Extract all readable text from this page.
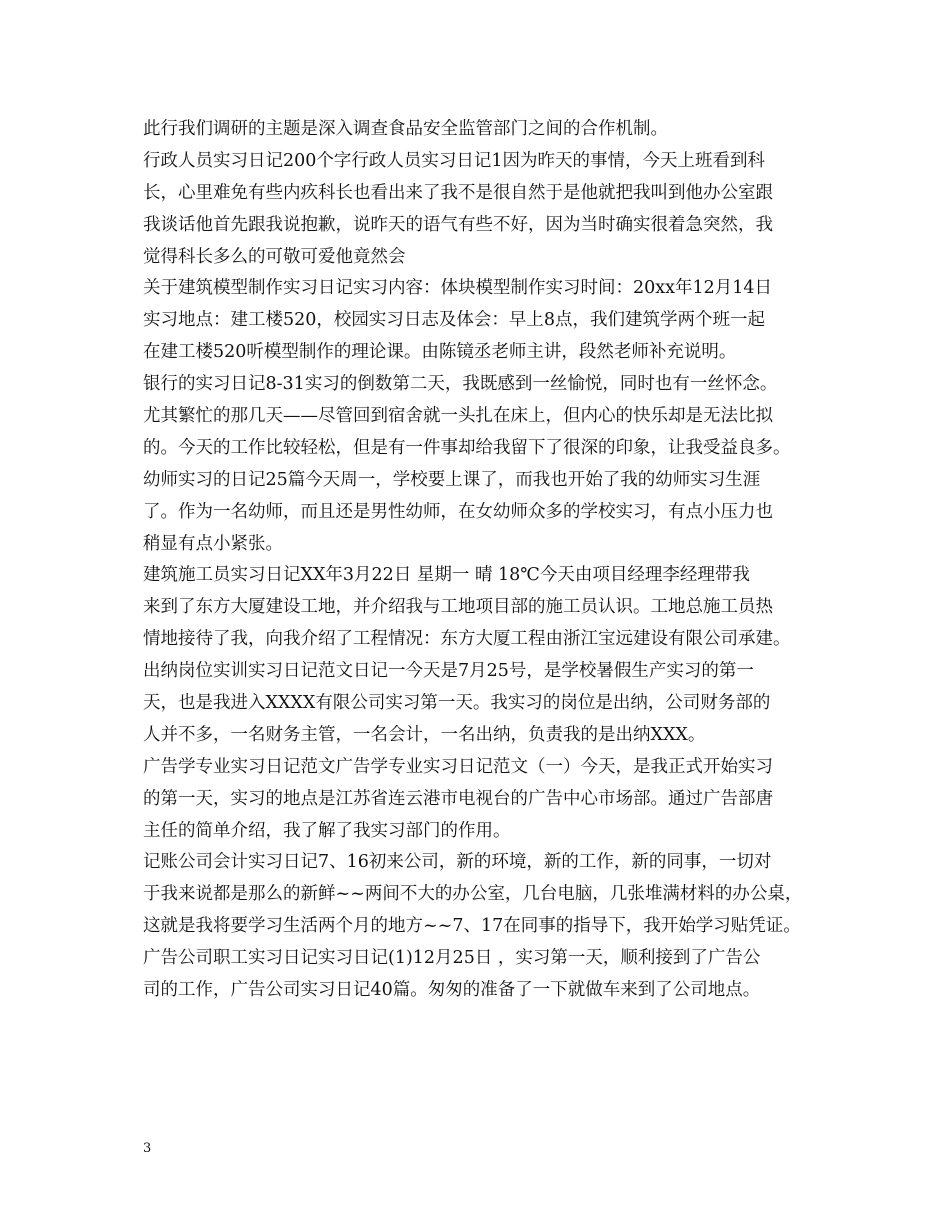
此行我们调研的主题是深入调查食品安全监管部门之间的合作机制。
行政人员实习日记200个字行政人员实习日记1因为昨天的事情，今天上班看到科
长，心里难免有些内疚科长也看出来了我不是很自然于是他就把我叫到他办公室跟
我谈话他首先跟我说抱歉，说昨天的语气有些不好，因为当时确实很着急突然，我
觉得科长多么的可敬可爱他竟然会
关于建筑模型制作实习日记实习内容：体块模型制作实习时间：20xx年12月14日
实习地点：建工楼520，校园实习日志及体会：早上8点，我们建筑学两个班一起
在建工楼520听模型制作的理论课。由陈镜丞老师主讲，段然老师补充说明。
银行的实习日记8-31实习的倒数第二天，我既感到一丝愉悦，同时也有一丝怀念。
尤其繁忙的那几天——尽管回到宿舍就一头扎在床上，但内心的快乐却是无法比拟
的。今天的工作比较轻松，但是有一件事却给我留下了很深的印象，让我受益良多。
幼师实习的日记25篇今天周一，学校要上课了，而我也开始了我的幼师实习生涯
了。作为一名幼师，而且还是男性幼师，在女幼师众多的学校实习，有点小压力也
稍显有点小紧张。
建筑施工员实习日记XX年3月22日 星期一 晴 18℃今天由项目经理李经理带我
来到了东方大厦建设工地，并介绍我与工地项目部的施工员认识。工地总施工员热
情地接待了我，向我介绍了工程情况：东方大厦工程由浙江宝远建设有限公司承建。
出纳岗位实训实习日记范文日记一今天是7月25号，是学校暑假生产实习的第一
天，也是我进入XXXX有限公司实习第一天。我实习的岗位是出纳，公司财务部的
人并不多，一名财务主管，一名会计，一名出纳，负责我的是出纳XXX。
广告学专业实习日记范文广告学专业实习日记范文（一）今天，是我正式开始实习
的第一天，实习的地点是江苏省连云港市电视台的广告中心市场部。通过广告部唐
主任的简单介绍，我了解了我实习部门的作用。
记账公司会计实习日记7、16初来公司，新的环境，新的工作，新的同事，一切对
于我来说都是那么的新鲜~~两间不大的办公室，几台电脑，几张堆满材料的办公桌，
这就是我将要学习生活两个月的地方~~7、17在同事的指导下，我开始学习贴凭证。
广告公司职工实习日记实习日记(1)12月25日 ，实习第一天，顺利接到了广告公
司的工作，广告公司实习日记40篇。匆匆的准备了一下就做车来到了公司地点。
3
